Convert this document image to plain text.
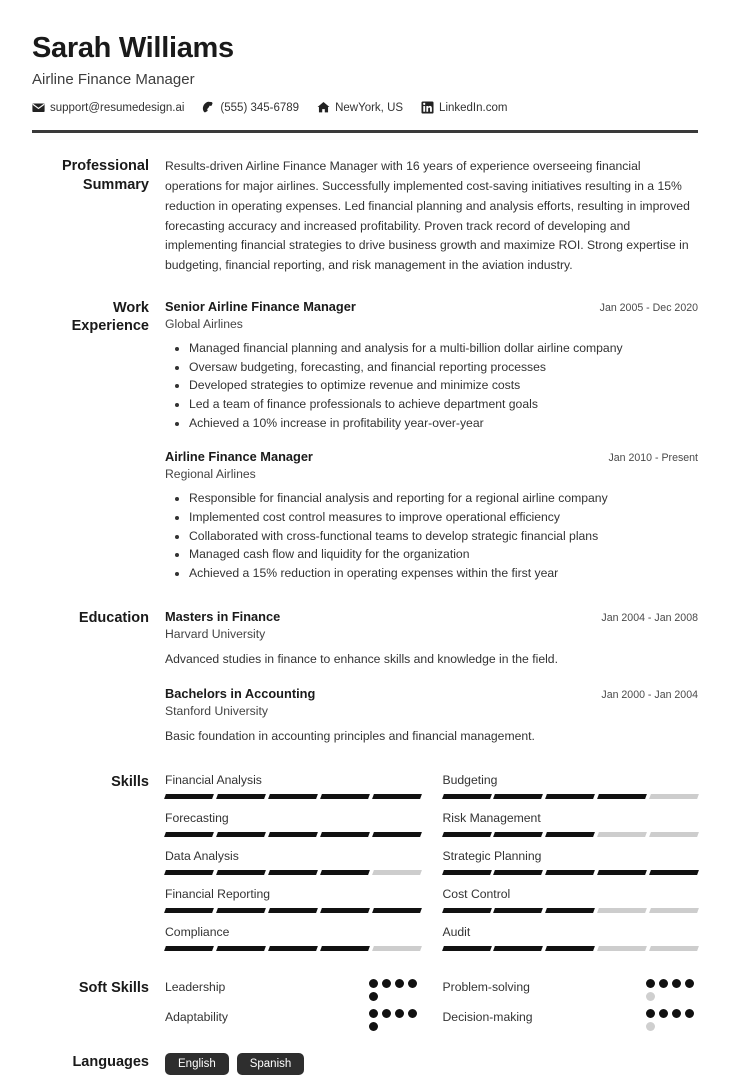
Sarah Williams
Airline Finance Manager
support@resumedesign.ai	(555) 345-6789	NewYork, US	LinkedIn.com
Professional Summary
Results-driven Airline Finance Manager with 16 years of experience overseeing financial operations for major airlines. Successfully implemented cost-saving initiatives resulting in a 15% reduction in operating expenses. Led financial planning and analysis efforts, resulting in improved forecasting accuracy and increased profitability. Proven track record of developing and implementing financial strategies to drive business growth and maximize ROI. Strong expertise in budgeting, financial reporting, and risk management in the aviation industry.
Work Experience
Senior Airline Finance Manager	Jan 2005 - Dec 2020
Global Airlines
• Managed financial planning and analysis for a multi-billion dollar airline company
• Oversaw budgeting, forecasting, and financial reporting processes
• Developed strategies to optimize revenue and minimize costs
• Led a team of finance professionals to achieve department goals
• Achieved a 10% increase in profitability year-over-year
Airline Finance Manager	Jan 2010 - Present
Regional Airlines
• Responsible for financial analysis and reporting for a regional airline company
• Implemented cost control measures to improve operational efficiency
• Collaborated with cross-functional teams to develop strategic financial plans
• Managed cash flow and liquidity for the organization
• Achieved a 15% reduction in operating expenses within the first year
Education	Masters in Finance	Jan 2004 - Jan 2008
Harvard University
Advanced studies in finance to enhance skills and knowledge in the field.
Bachelors in Accounting	Jan 2000 - Jan 2004
Stanford University
Basic foundation in accounting principles and financial management.
Skills	Financial Analysis	Budgeting
Forecasting	Risk Management
Data Analysis	Strategic Planning
Financial Reporting	Cost Control
Compliance	Audit
Soft Skills	Leadership	Problem-solving
Adaptability	Decision-making
Languages	English	Spanish
